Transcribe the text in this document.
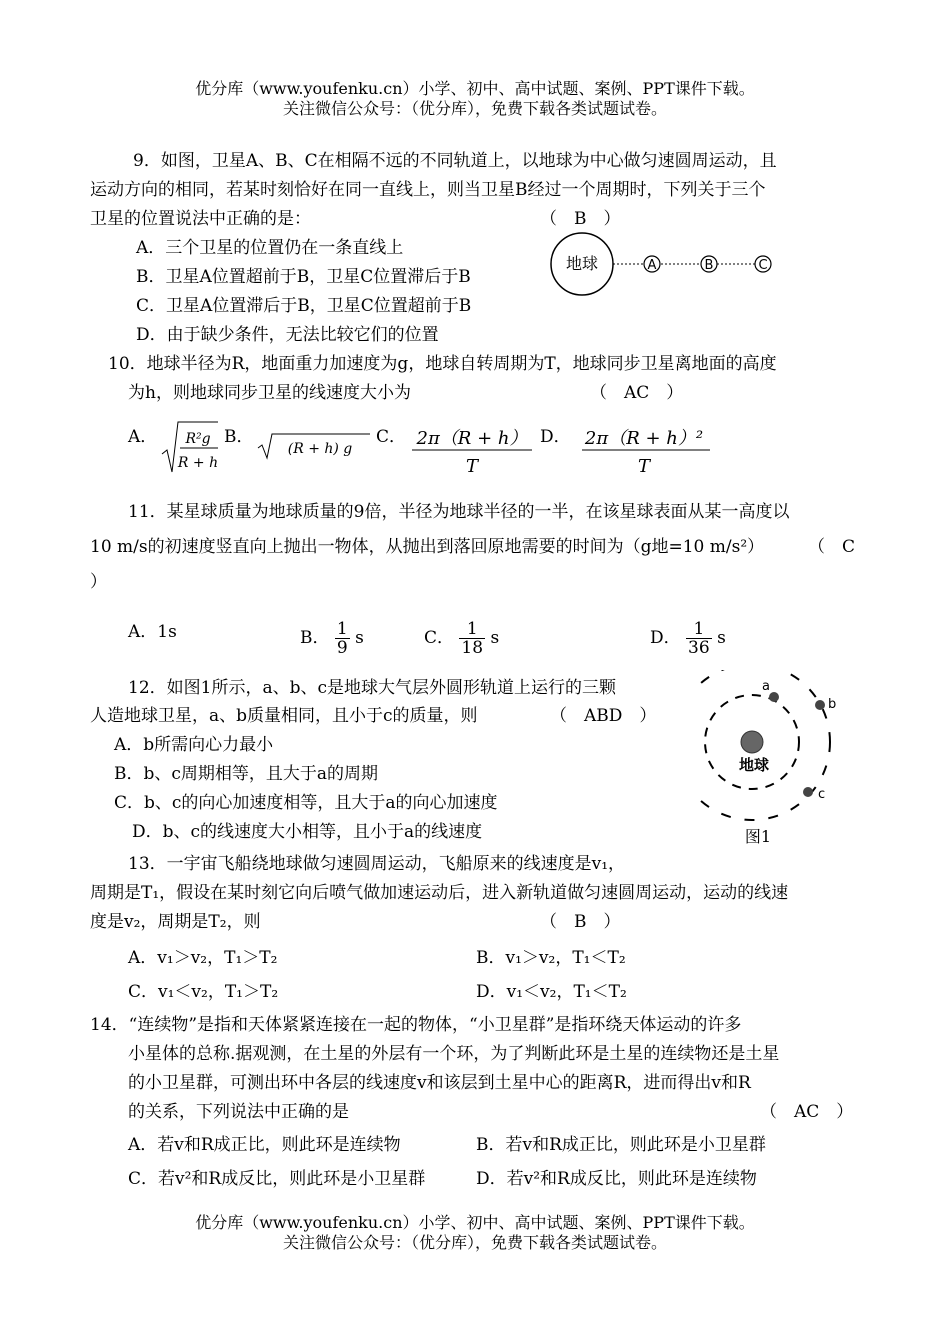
优分库（www.youfenku.cn）小学、初中、高中试题、案例、PPT课件下载。
关注微信公众号：（优分库），免费下载各类试题试卷。
9．如图，卫星A、B、C在相隔不远的不同轨道上，以地球为中心做匀速圆周运动，且
运动方向的相同，若某时刻恰好在同一直线上，则当卫星B经过一个周期时，下列关于三个
卫星的位置说法中正确的是：	（　B　）
A．三个卫星的位置仍在一条直线上
B．卫星A位置超前于B，卫星C位置滞后于B
C．卫星A位置滞后于B，卫星C位置超前于B
D．由于缺少条件，无法比较它们的位置
地球	A	B	C
10．地球半径为R，地面重力加速度为g，地球自转周期为T，地球同步卫星离地面的高度
为h，则地球同步卫星的线速度大小为	（　AC　）
A． R²g
R + h
B．
(R + h) g
C． 2π（R + h）
T
D． 2π（R + h）²
T
11．某星球质量为地球质量的9倍，半径为地球半径的一半，在该星球表面从某一高度以
10 m/s的初速度竖直向上抛出一物体，从抛出到落回原地需要的时间为（g地=10 m/s²）	（　C
）
A．1s	B． $\frac{1}{9}$ s	C． $\frac{1}{18}$ s	D． $\frac{1}{36}$ s
12．如图1所示，a、b、c是地球大气层外圆形轨道上运行的三颗
人造地球卫星，a、b质量相同，且小于c的质量，则	（　ABD　）
A．b所需向心力最小
B．b、c周期相等，且大于a的周期
C．b、c的向心加速度相等，且大于a的向心加速度
D．b、c的线速度大小相等，且小于a的线速度
地球
a
b
c
图1
13．一宇宙飞船绕地球做匀速圆周运动，飞船原来的线速度是v₁，
周期是T₁，假设在某时刻它向后喷气做加速运动后，进入新轨道做匀速圆周运动，运动的线速
度是v₂，周期是T₂，则	（　B　）
A．v₁＞v₂，T₁＞T₂	B．v₁＞v₂，T₁＜T₂
C．v₁＜v₂，T₁＞T₂	D．v₁＜v₂，T₁＜T₂
14．“连续物”是指和天体紧紧连接在一起的物体，“小卫星群”是指环绕天体运动的许多
小星体的总称.据观测，在土星的外层有一个环，为了判断此环是土星的连续物还是土星
的小卫星群，可测出环中各层的线速度v和该层到土星中心的距离R，进而得出v和R
的关系，下列说法中正确的是	（　AC　）
A．若v和R成正比，则此环是连续物	B．若v和R成正比，则此环是小卫星群
C．若v²和R成反比，则此环是小卫星群	D．若v²和R成反比，则此环是连续物
优分库（www.youfenku.cn）小学、初中、高中试题、案例、PPT课件下载。
关注微信公众号：（优分库），免费下载各类试题试卷。
